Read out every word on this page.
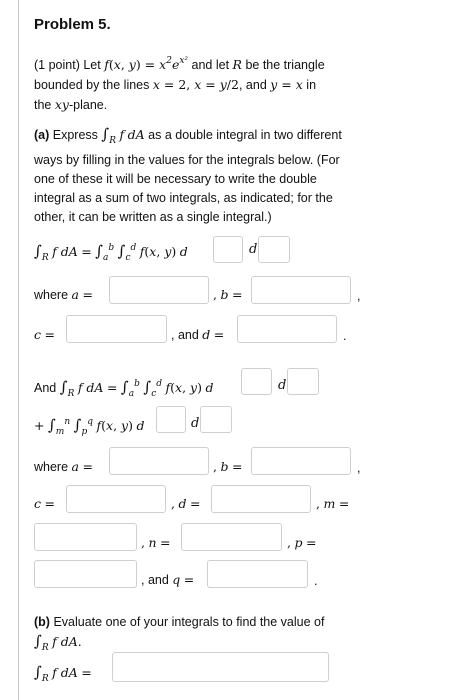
Problem 5.
(1 point) Let f(x, $y) = x^2e^{x^2}$ and let R be the triangle
bounded by the lines x = 2, x = y/2, and y = x in
the xy-plane.
(a) Express $\int_R$ f dA as a double integral in two different
ways by filling in the values for the integrals below. (For
one of these it will be necessary to write the double
integral as a sum of two integrals, as indicated; for the
other, it can be written as a single integral.)
$\int_R$ f dA = $\int_a^b$ $\int_c^d$ f(x, y) d	d
where a =	, b =	,
c =	, and d =	.
And $\int_R$ f dA = $\int_a^b$ $\int_c^d$ f(x, y) d	d
+ $\int_m^n$ $\int_p^q$ f(x, y) d	d
where a =	, b =	,
c =	, d =	, m =
, n =	, p =
, and q =	.
(b) Evaluate one of your integrals to find the value of
$\int_R$ f dA.
$\int_R$ f dA =
